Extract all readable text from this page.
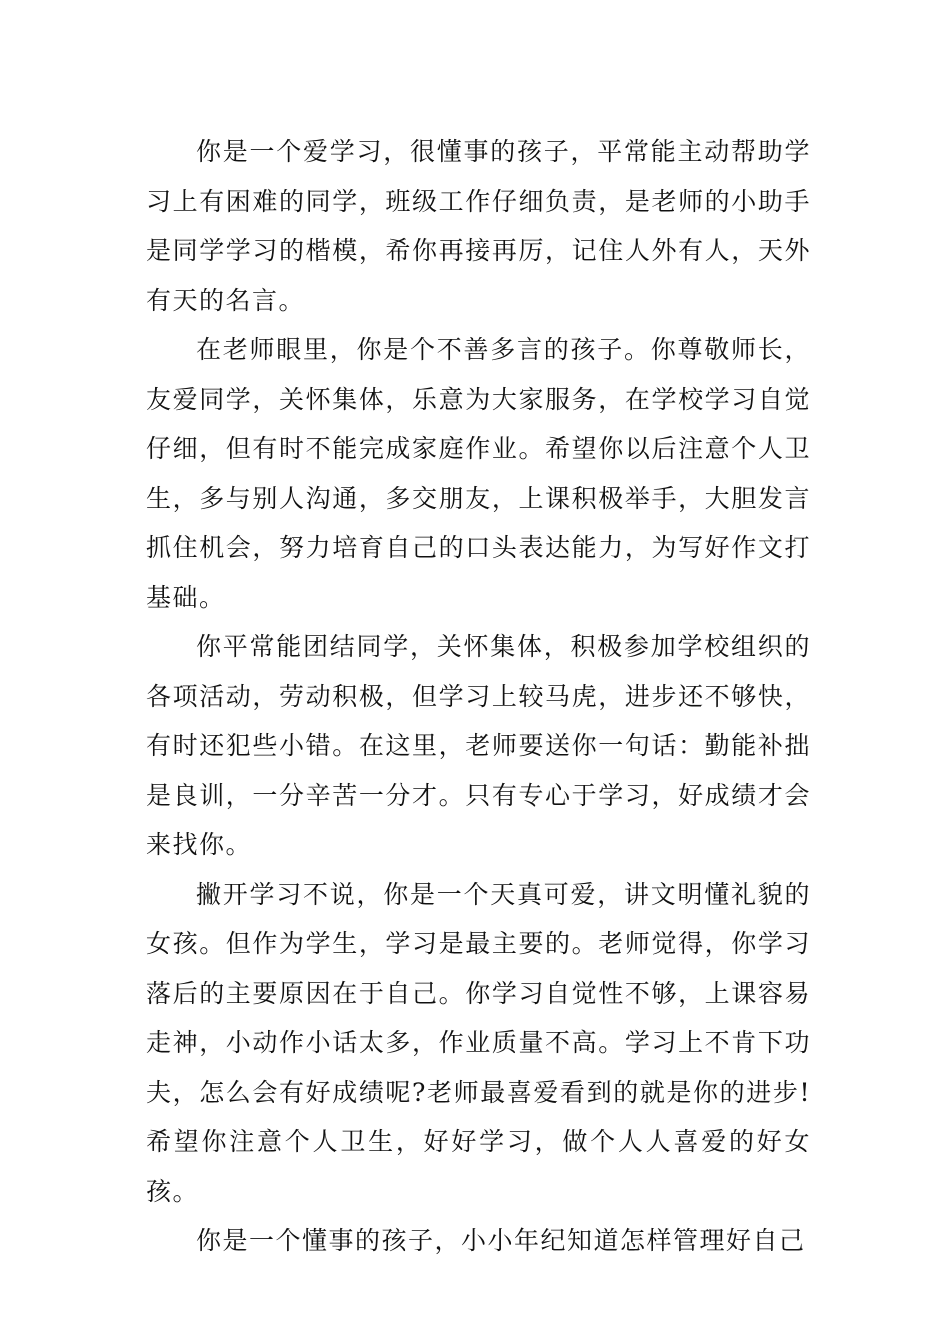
你是一个爱学习，很懂事的孩子，平常能主动帮助学习上有困难的同学，班级工作仔细负责，是老师的小助手是同学学习的楷模，希你再接再厉，记住人外有人，天外有天的名言。

在老师眼里，你是个不善多言的孩子。你尊敬师长，友爱同学，关怀集体，乐意为大家服务，在学校学习自觉仔细，但有时不能完成家庭作业。希望你以后注意个人卫生，多与别人沟通，多交朋友，上课积极举手，大胆发言抓住机会，努力培育自己的口头表达能力，为写好作文打基础。

你平常能团结同学，关怀集体，积极参加学校组织的各项活动，劳动积极，但学习上较马虎，进步还不够快，有时还犯些小错。在这里，老师要送你一句话：勤能补拙是良训，一分辛苦一分才。只有专心于学习，好成绩才会来找你。

撇开学习不说，你是一个天真可爱，讲文明懂礼貌的女孩。但作为学生，学习是最主要的。老师觉得，你学习落后的主要原因在于自己。你学习自觉性不够，上课容易走神，小动作小话太多，作业质量不高。学习上不肯下功夫，怎么会有好成绩呢?老师最喜爱看到的就是你的进步!希望你注意个人卫生，好好学习，做个人人喜爱的好女孩。

你是一个懂事的孩子，小小年纪知道怎样管理好自己
